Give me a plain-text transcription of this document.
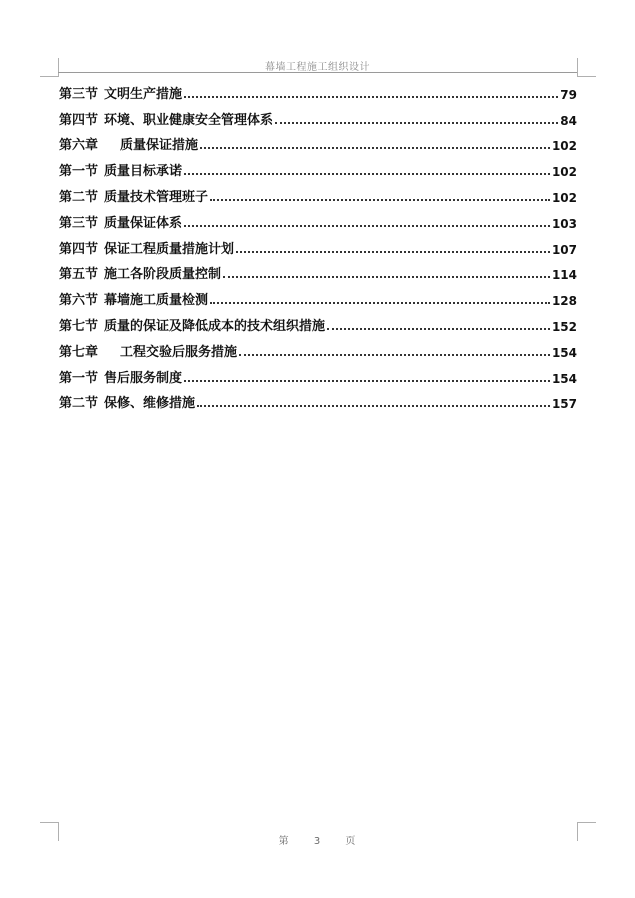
幕墙工程施工组织设计
第三节 文明生产措施	79
第四节 环境、职业健康安全管理体系	84
第六章 质量保证措施	102
第一节 质量目标承诺	102
第二节 质量技术管理班子	102
第三节 质量保证体系	103
第四节 保证工程质量措施计划	107
第五节 施工各阶段质量控制	114
第六节 幕墙施工质量检测	128
第七节 质量的保证及降低成本的技术组织措施	152
第七章 工程交验后服务措施	154
第一节 售后服务制度	154
第二节 保修、维修措施	157
第 3 页
